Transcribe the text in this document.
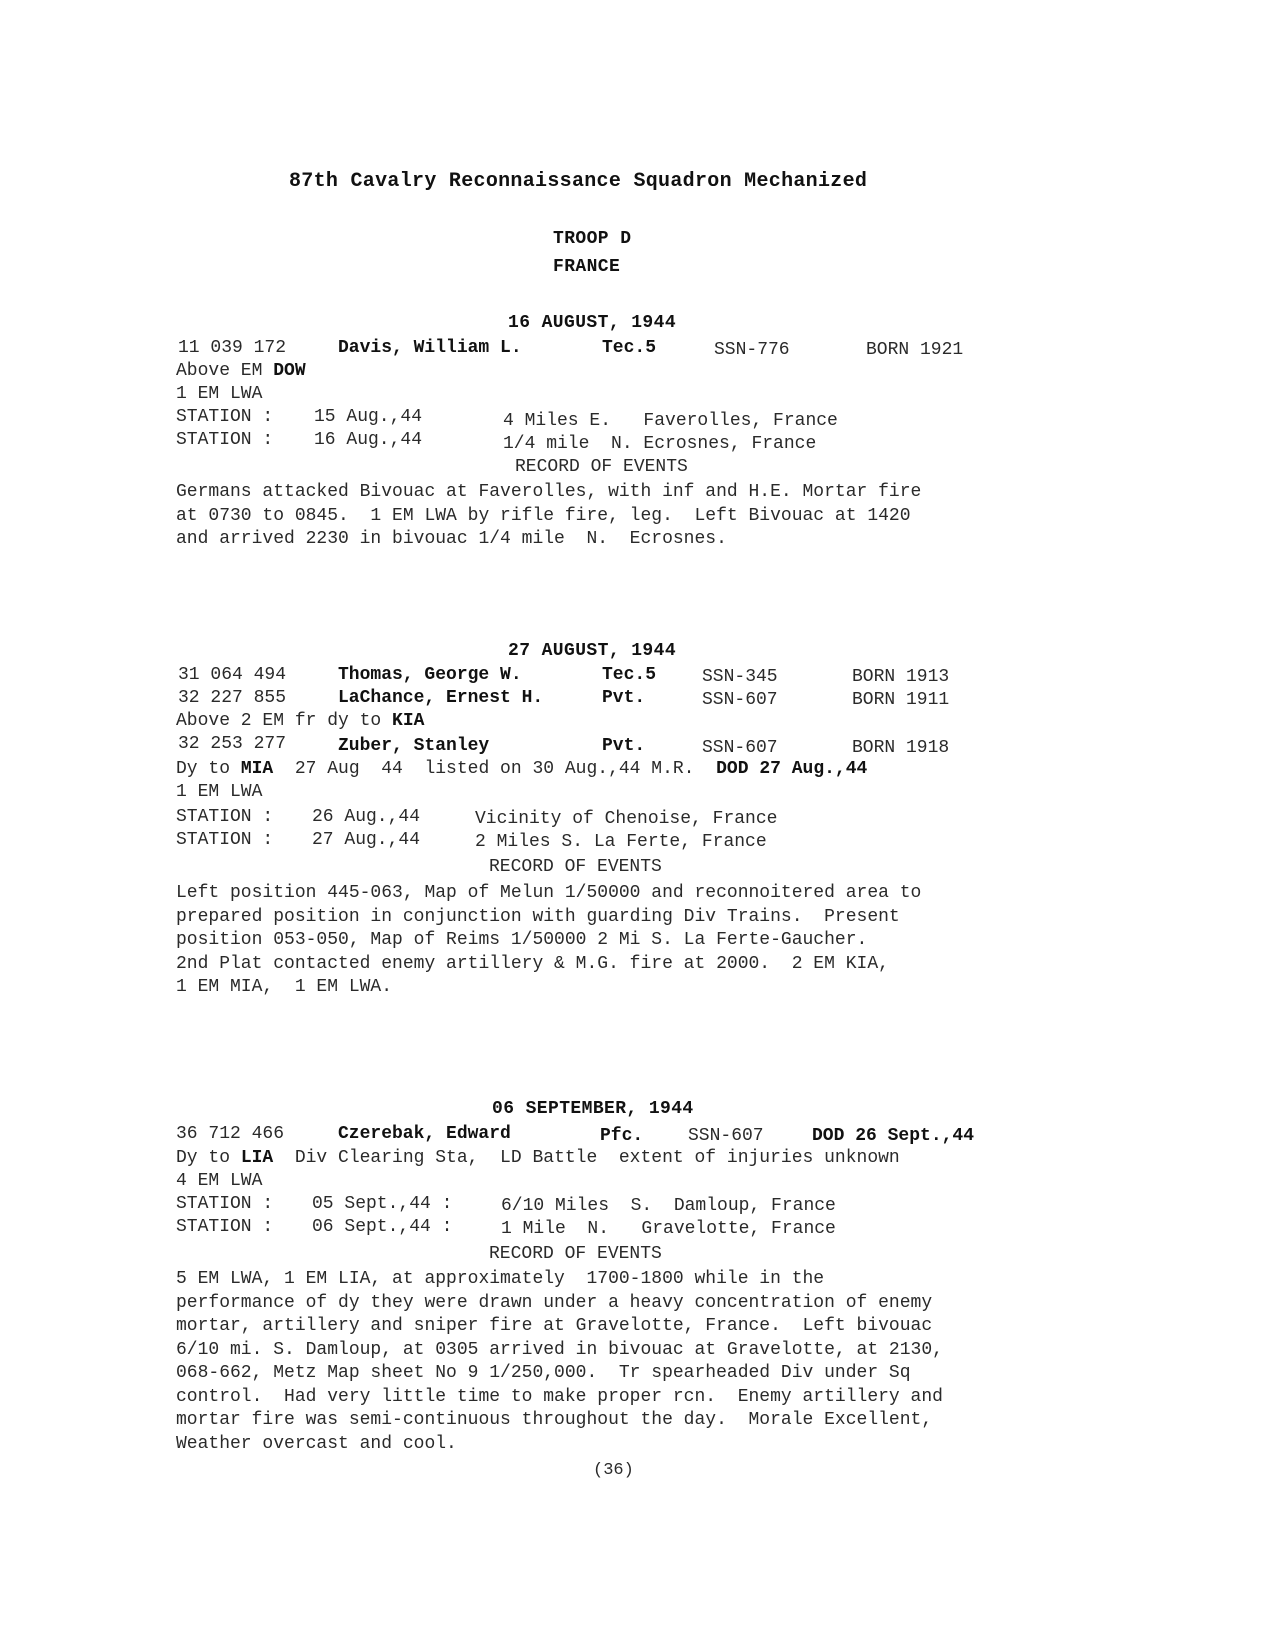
87th Cavalry Reconnaissance Squadron Mechanized
TROOP D
FRANCE
16 AUGUST, 1944
11 039 172	Davis, William L.	Tec.5	SSN-776	BORN 1921
Above EM DOW
1 EM LWA
STATION : 15 Aug.,44	4 Miles E.   Faverolles, France
STATION : 16 Aug.,44	1/4 mile  N. Ecrosnes, France
RECORD OF EVENTS
Germans attacked Bivouac at Faverolles, with inf and H.E. Mortar fire
at 0730 to 0845.  1 EM LWA by rifle fire, leg.  Left Bivouac at 1420
and arrived 2230 in bivouac 1/4 mile  N.  Ecrosnes.
27 AUGUST, 1944
31 064 494	Thomas, George W.	Tec.5	SSN-345	BORN 1913
32 227 855	LaChance, Ernest H.	Pvt.	SSN-607	BORN 1911
Above 2 EM fr dy to KIA
32 253 277	Zuber, Stanley	Pvt.	SSN-607	BORN 1918
Dy to MIA  27 Aug  44  listed on 30 Aug.,44 M.R.  DOD 27 Aug.,44
1 EM LWA
STATION : 26 Aug.,44	Vicinity of Chenoise, France
STATION : 27 Aug.,44	2 Miles S. La Ferte, France
RECORD OF EVENTS
Left position 445-063, Map of Melun 1/50000 and reconnoitered area to
prepared position in conjunction with guarding Div Trains.  Present
position 053-050, Map of Reims 1/50000 2 Mi S. La Ferte-Gaucher.
2nd Plat contacted enemy artillery & M.G. fire at 2000.  2 EM KIA,
1 EM MIA,  1 EM LWA.
06 SEPTEMBER, 1944
36 712 466	Czerebak, Edward	Pfc. SSN-607	DOD 26 Sept.,44
Dy to LIA  Div Clearing Sta,  LD Battle  extent of injuries unknown
4 EM LWA
STATION : 05 Sept.,44 :	6/10 Miles  S.  Damloup, France
STATION : 06 Sept.,44 :	1 Mile  N.   Gravelotte, France
RECORD OF EVENTS
5 EM LWA, 1 EM LIA, at approximately  1700-1800 while in the
performance of dy they were drawn under a heavy concentration of enemy
mortar, artillery and sniper fire at Gravelotte, France.  Left bivouac
6/10 mi. S. Damloup, at 0305 arrived in bivouac at Gravelotte, at 2130,
068-662, Metz Map sheet No 9 1/250,000.  Tr spearheaded Div under Sq
control.  Had very little time to make proper rcn.  Enemy artillery and
mortar fire was semi-continuous throughout the day.  Morale Excellent,
Weather overcast and cool.
(36)
